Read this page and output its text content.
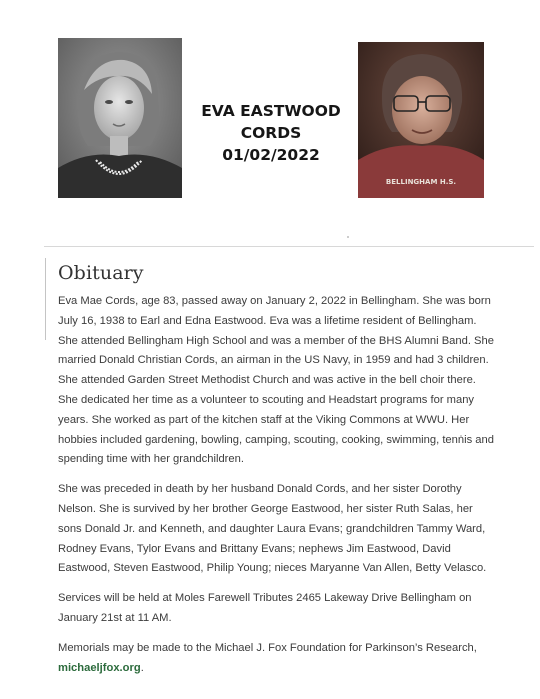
EVA EASTWOOD
CORDS
01/02/2022
BELLINGHAM H.S.
Obituary

Eva Mae Cords, age 83, passed away on January 2, 2022 in Bellingham. She was born July 16, 1938 to Earl and Edna Eastwood. Eva was a lifetime resident of Bellingham. She attended Bellingham High School and was a member of the BHS Alumni Band. She married Donald Christian Cords, an airman in the US Navy, in 1959 and had 3 children. She attended Garden Street Methodist Church and was active in the bell choir there. She dedicated her time as a volunteer to scouting and Headstart programs for many years. She worked as part of the kitchen staff at the Viking Commons at WWU. Her hobbies included gardening, bowling, camping, scouting, cooking, swimming, tennis and spending time with her grandchildren.

She was preceded in death by her husband Donald Cords, and her sister Dorothy Nelson. She is survived by her brother George Eastwood, her sister Ruth Salas, her sons Donald Jr. and Kenneth, and daughter Laura Evans; grandchildren Tammy Ward, Rodney Evans, Tylor Evans and Brittany Evans; nephews Jim Eastwood, David Eastwood, Steven Eastwood, Philip Young; nieces Maryanne Van Allen, Betty Velasco.

Services will be held at Moles Farewell Tributes 2465 Lakeway Drive Bellingham on January 21st at 11 AM.

Memorials may be made to the Michael J. Fox Foundation for Parkinson’s Research,
michaeljfox.org.
